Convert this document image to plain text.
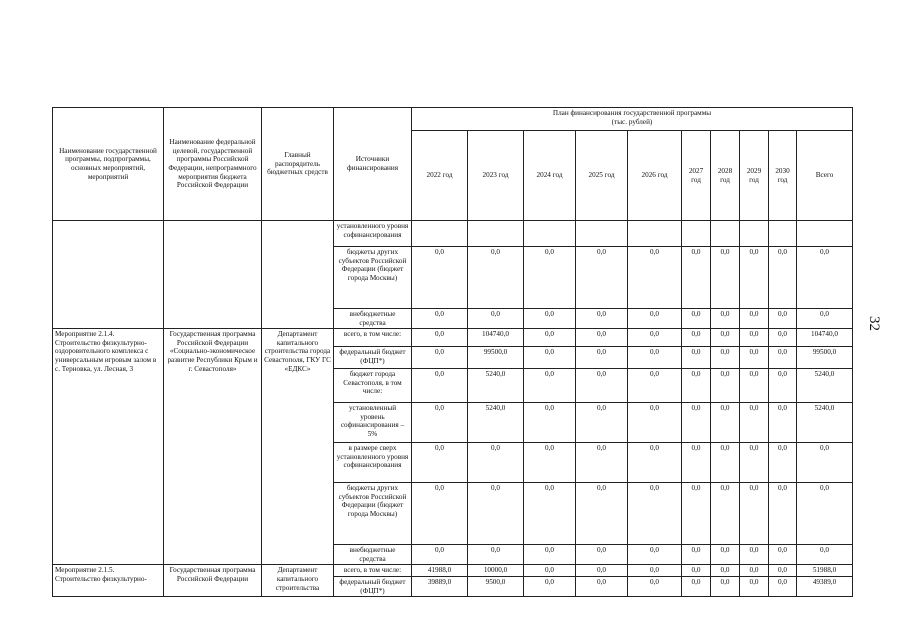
32
Наименование государственной программы, подпрограммы, основных мероприятий, мероприятий	Наименование федеральной целевой, государственной программы Российской Федерации, непрограммного мероприятия бюджета Российской Федерации	Главный распорядитель бюджетных средств	Источники финансирования	План финансирования государственной программы
(тыс. рублей)									
				2022 год	2023 год	2024 год	2025 год	2026 год	2027 год	2028 год	2029 год	2030 год	Всего
			установленного уровня софинансирования										
			бюджеты других субъектов Российской Федерации (бюджет города Москвы)	0,0	0,0	0,0	0,0	0,0	0,0	0,0	0,0	0,0	0,0
			внебюджетные средства	0,0	0,0	0,0	0,0	0,0	0,0	0,0	0,0	0,0	0,0
Мероприятие 2.1.4. Строительство физкультурно-оздоровительного комплекса с универсальным игровым залом в с. Терновка, ул. Лесная, 3	Государственная программа Российской Федерации «Социально-экономическое развитие Республики Крым и г. Севастополя»	Департамент капитального строительства города Севастополя, ГКУ ГС «ЕДКС»	всего, в том числе:	0,0	104740,0	0,0	0,0	0,0	0,0	0,0	0,0	0,0	104740,0
			федеральный бюджет (ФЦП*)	0,0	99500,0	0,0	0,0	0,0	0,0	0,0	0,0	0,0	99500,0
			бюджет города Севастополя, в том числе:	0,0	5240,0	0,0	0,0	0,0	0,0	0,0	0,0	0,0	5240,0
			установленный уровень софинансирования – 5%	0,0	5240,0	0,0	0,0	0,0	0,0	0,0	0,0	0,0	5240,0
			в размере сверх установленного уровня софинансирования	0,0	0,0	0,0	0,0	0,0	0,0	0,0	0,0	0,0	0,0
			бюджеты других субъектов Российской Федерации (бюджет города Москвы)	0,0	0,0	0,0	0,0	0,0	0,0	0,0	0,0	0,0	0,0
			внебюджетные средства	0,0	0,0	0,0	0,0	0,0	0,0	0,0	0,0	0,0	0,0
Мероприятие 2.1.5. Строительство физкультурно-	Государственная программа Российской Федерации	Департамент капитального строительства	всего, в том числе:	41988,0	10000,0	0,0	0,0	0,0	0,0	0,0	0,0	0,0	51988,0
			федеральный бюджет (ФЦП*)	39889,0	9500,0	0,0	0,0	0,0	0,0	0,0	0,0	0,0	49389,0
